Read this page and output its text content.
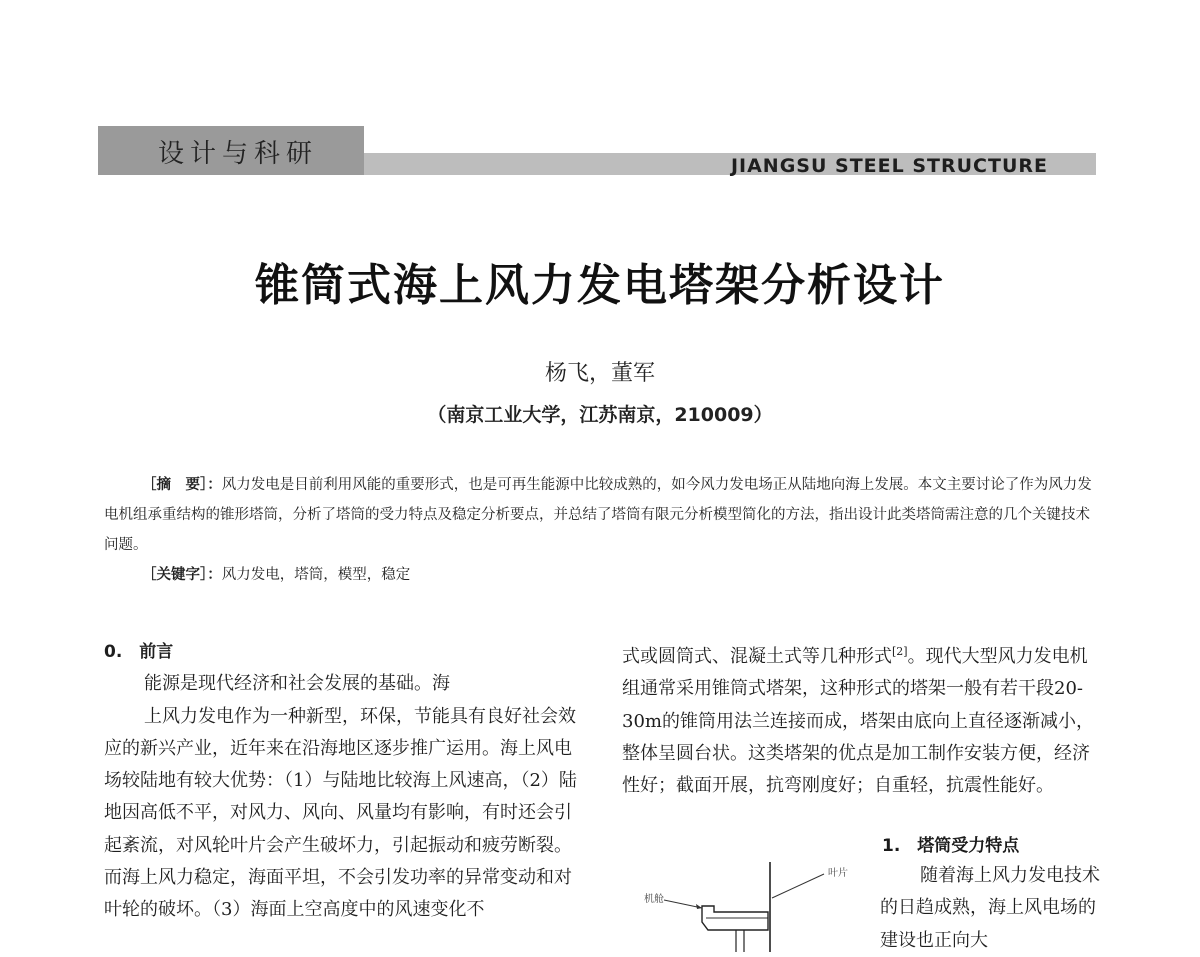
设计与科研	JIANGSU STEEL STRUCTURE
锥筒式海上风力发电塔架分析设计
杨飞，董军
（南京工业大学，江苏南京，210009）
［摘　要］：风力发电是目前利用风能的重要形式，也是可再生能源中比较成熟的，如今风力发电场正从陆地向海上发展。本文主要讨论了作为风力发电机组承重结构的锥形塔筒，分析了塔筒的受力特点及稳定分析要点，并总结了塔筒有限元分析模型简化的方法，指出设计此类塔筒需注意的几个关键技术问题。
［关键字］：风力发电，塔筒，模型，稳定
0.　前言
能源是现代经济和社会发展的基础。海
上风力发电作为一种新型，环保，节能具有良好社会效应的新兴产业，近年来在沿海地区逐步推广运用。海上风电场较陆地有较大优势：（1）与陆地比较海上风速高，（2）陆地因高低不平，对风力、风向、风量均有影响，有时还会引起紊流，对风轮叶片会产生破坏力，引起振动和疲劳断裂。而海上风力稳定，海面平坦，不会引发功率的异常变动和对叶轮的破坏。（3）海面上空高度中的风速变化不
式或圆筒式、混凝土式等几种形式[2]。现代大型风力发电机组通常采用锥筒式塔架，这种形式的塔架一般有若干段20-30m的锥筒用法兰连接而成，塔架由底向上直径逐渐减小，整体呈圆台状。这类塔架的优点是加工制作安装方便，经济性好；截面开展，抗弯刚度好；自重轻，抗震性能好。
1.　塔筒受力特点
随着海上风力发电技术的日趋成熟，海上风电场的建设也正向大
机舱
叶片
